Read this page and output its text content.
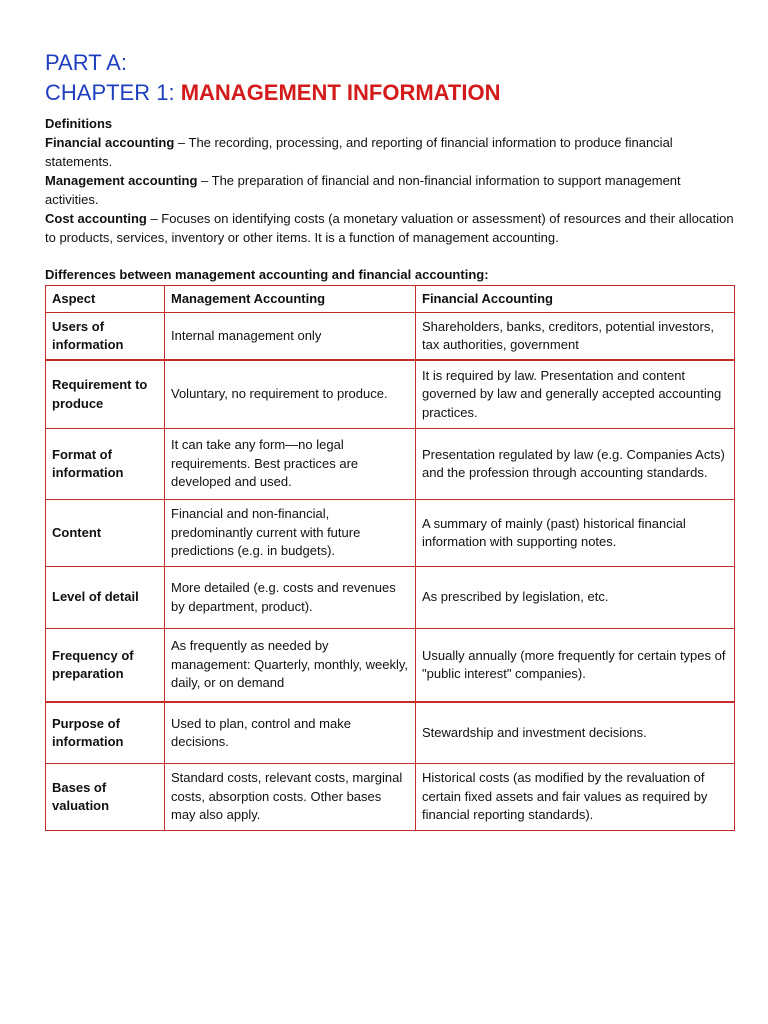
PART A:
CHAPTER 1: MANAGEMENT INFORMATION

Definitions

Financial accounting – The recording, processing, and reporting of financial information to produce financial statements.

Management accounting – The preparation of financial and non-financial information to support management activities.

Cost accounting – Focuses on identifying costs (a monetary valuation or assessment) of resources and their allocation to products, services, inventory or other items. It is a function of management accounting.

Differences between management accounting and financial accounting:
Aspect	Management Accounting	Financial Accounting
Users of information	Internal management only	Shareholders, banks, creditors, potential investors, tax authorities, government
Requirement to produce	Voluntary, no requirement to produce.	It is required by law. Presentation and content governed by law and generally accepted accounting practices.
Format of information	It can take any form—no legal requirements. Best practices are developed and used.	Presentation regulated by law (e.g. Companies Acts) and the profession through accounting standards.
Content	Financial and non-financial, predominantly current with future predictions (e.g. in budgets).	A summary of mainly (past) historical financial information with supporting notes.
Level of detail	More detailed (e.g. costs and revenues by department, product).	As prescribed by legislation, etc.
Frequency of preparation	As frequently as needed by management: Quarterly, monthly, weekly, daily, or on demand	Usually annually (more frequently for certain types of "public interest" companies).
Purpose of information	Used to plan, control and make decisions.	Stewardship and investment decisions.
Bases of valuation	Standard costs, relevant costs, marginal costs, absorption costs. Other bases may also apply.	Historical costs (as modified by the revaluation of certain fixed assets and fair values as required by financial reporting standards).
